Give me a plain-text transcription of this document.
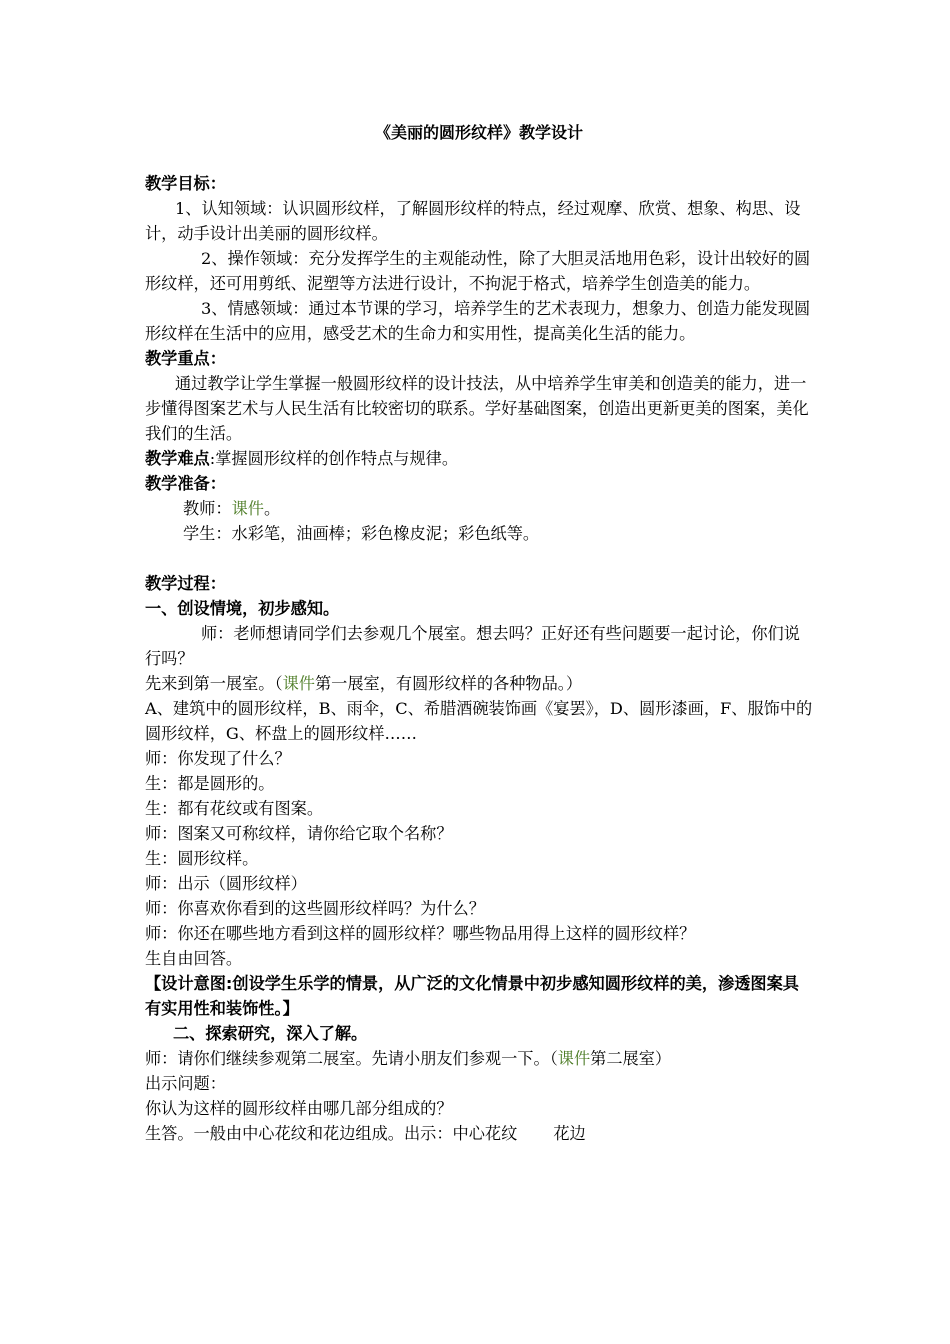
《美丽的圆形纹样》教学设计
教学目标：

1、认知领域：认识圆形纹样，了解圆形纹样的特点，经过观摩、欣赏、想象、构思、设计，动手设计出美丽的圆形纹样。

2、操作领域：充分发挥学生的主观能动性，除了大胆灵活地用色彩，设计出较好的圆形纹样，还可用剪纸、泥塑等方法进行设计，不拘泥于格式，培养学生创造美的能力。

3、情感领域：通过本节课的学习，培养学生的艺术表现力，想象力、创造力能发现圆形纹样在生活中的应用，感受艺术的生命力和实用性，提高美化生活的能力。

教学重点：

通过教学让学生掌握一般圆形纹样的设计技法，从中培养学生审美和创造美的能力，进一步懂得图案艺术与人民生活有比较密切的联系。学好基础图案，创造出更新更美的图案，美化我们的生活。

教学难点:掌握圆形纹样的创作特点与规律。

教学准备：

教师：课件。

学生：水彩笔，油画棒；彩色橡皮泥；彩色纸等。

教学过程：
一、创设情境，初步感知。

师：老师想请同学们去参观几个展室。想去吗？正好还有些问题要一起讨论，你们说行吗？

先来到第一展室。（课件第一展室，有圆形纹样的各种物品。）

A、建筑中的圆形纹样，B、雨伞，C、希腊酒碗装饰画《宴罢》，D、圆形漆画，F、服饰中的圆形纹样，G、杯盘上的圆形纹样……

师：你发现了什么？

生：都是圆形的。

生：都有花纹或有图案。

师：图案又可称纹样，请你给它取个名称？

生：圆形纹样。

师：出示（圆形纹样）

师：你喜欢你看到的这些圆形纹样吗？为什么？

师：你还在哪些地方看到这样的圆形纹样？哪些物品用得上这样的圆形纹样？

生自由回答。

【设计意图:创设学生乐学的情景，从广泛的文化情景中初步感知圆形纹样的美，渗透图案具有实用性和装饰性。】

二、探索研究，深入了解。

师：请你们继续参观第二展室。先请小朋友们参观一下。（课件第二展室）

出示问题：

你认为这样的圆形纹样由哪几部分组成的？

生答。一般由中心花纹和花边组成。出示：中心花纹 花边
